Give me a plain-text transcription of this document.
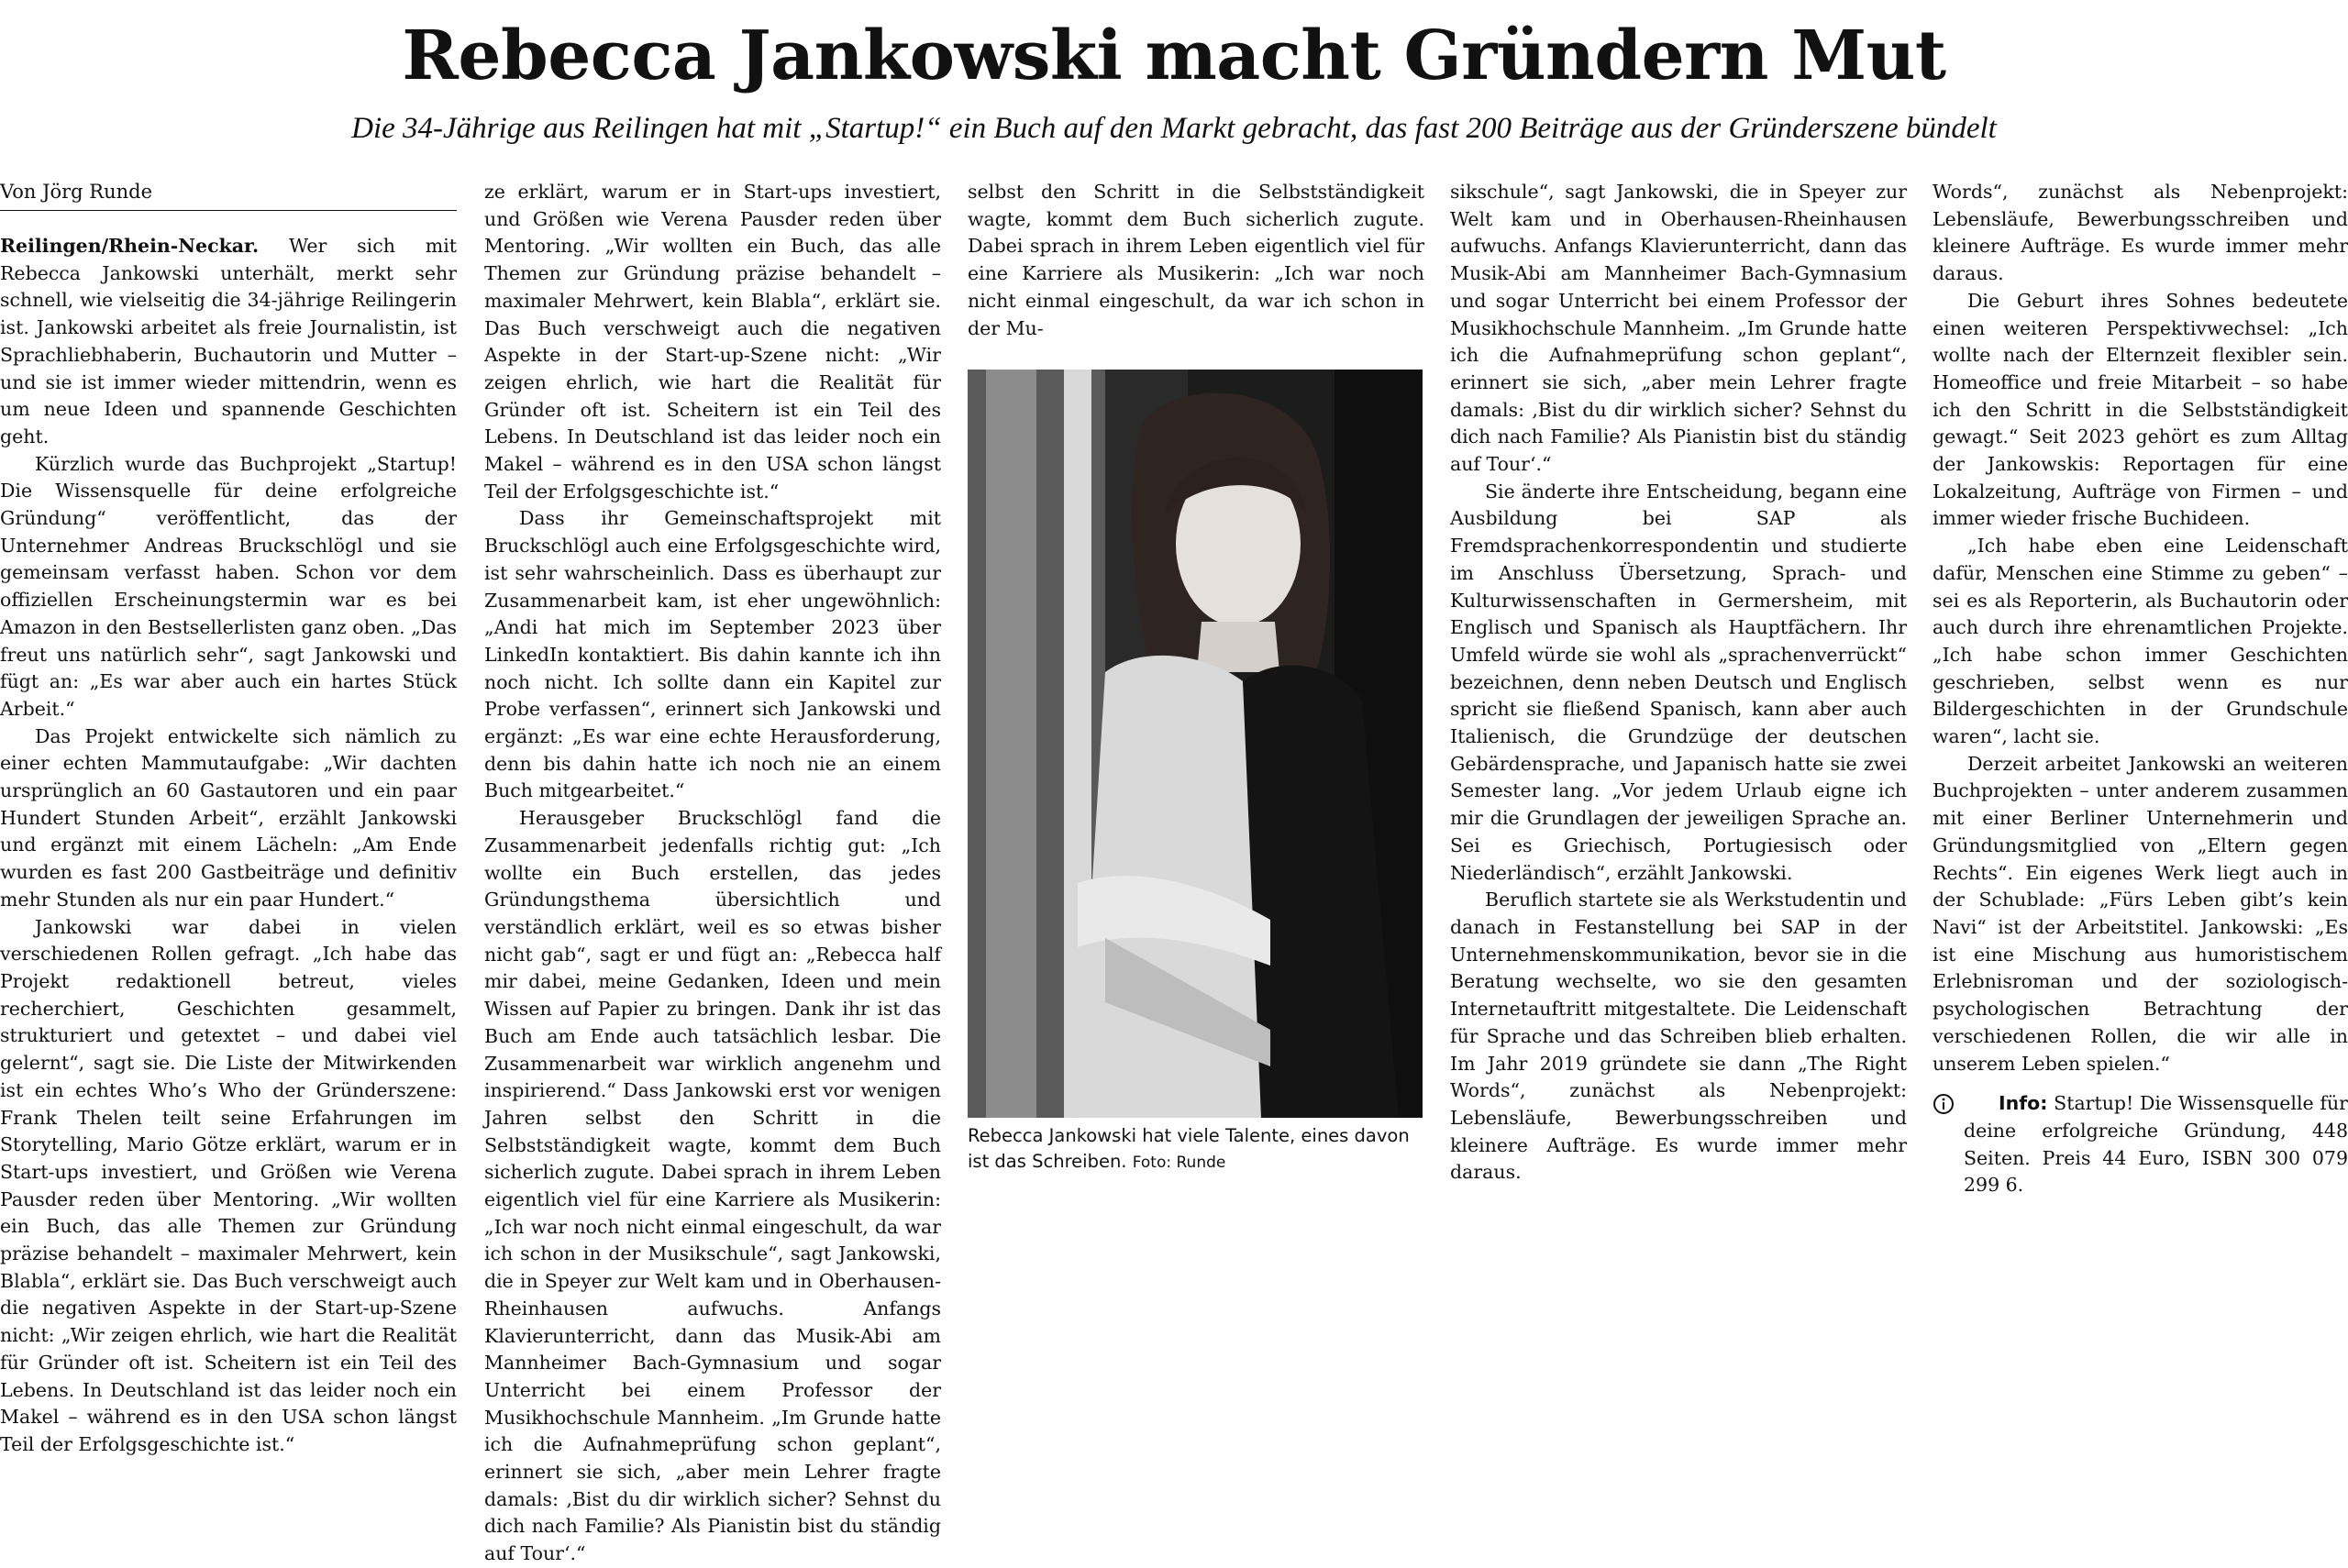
Rebecca Jankowski macht Gründern Mut
Die 34-Jährige aus Reilingen hat mit „Startup!“ ein Buch auf den Markt gebracht, das fast 200 Beiträge aus der Gründerszene bündelt
Von Jörg Runde

Reilingen/Rhein-Neckar. Wer sich mit Rebecca Jankowski unterhält, merkt sehr schnell, wie vielseitig die 34-jährige Reilingerin ist. Jankowski arbeitet als freie Journalistin, ist Sprachliebhaberin, Buchautorin und Mutter – und sie ist immer wieder mittendrin, wenn es um neue Ideen und spannende Geschichten geht.

Kürzlich wurde das Buchprojekt „Startup! Die Wissensquelle für deine erfolgreiche Gründung“ veröffentlicht, das der Unternehmer Andreas Bruckschlögl und sie gemeinsam verfasst haben. Schon vor dem offiziellen Erscheinungstermin war es bei Amazon in den Bestsellerlisten ganz oben. „Das freut uns natürlich sehr“, sagt Jankowski und fügt an: „Es war aber auch ein hartes Stück Arbeit.“

Das Projekt entwickelte sich nämlich zu einer echten Mammutaufgabe: „Wir dachten ursprünglich an 60 Gastautoren und ein paar Hundert Stunden Arbeit“, erzählt Jankowski und ergänzt mit einem Lächeln: „Am Ende wurden es fast 200 Gastbeiträge und definitiv mehr Stunden als nur ein paar Hundert.“

Jankowski war dabei in vielen verschiedenen Rollen gefragt. „Ich habe das Projekt redaktionell betreut, vieles recherchiert, Geschichten gesammelt, strukturiert und getextet – und dabei viel gelernt“, sagt sie. Die Liste der Mitwirkenden ist ein echtes Who’s Who der Gründerszene: Frank Thelen teilt seine Erfahrungen im Storytelling, Mario Götze erklärt, warum er in Start-ups investiert, und Größen wie Verena Pausder reden über Mentoring. „Wir wollten ein Buch, das alle Themen zur Gründung präzise behandelt – maximaler Mehrwert, kein Blabla“, erklärt sie. Das Buch verschweigt auch die negativen Aspekte in der Start-up-Szene nicht: „Wir zeigen ehrlich, wie hart die Realität für Gründer oft ist. Scheitern ist ein Teil des Lebens. In Deutschland ist das leider noch ein Makel – während es in den USA schon längst Teil der Erfolgsgeschichte ist.“

ze erklärt, warum er in Start-ups investiert, und Größen wie Verena Pausder reden über Mentoring. „Wir wollten ein Buch, das alle Themen zur Gründung präzise behandelt – maximaler Mehrwert, kein Blabla“, erklärt sie. Das Buch verschweigt auch die negativen Aspekte in der Start-up-Szene nicht: „Wir zeigen ehrlich, wie hart die Realität für Gründer oft ist. Scheitern ist ein Teil des Lebens. In Deutschland ist das leider noch ein Makel – während es in den USA schon längst Teil der Erfolgsgeschichte ist.“

Dass ihr Gemeinschaftsprojekt mit Bruckschlögl auch eine Erfolgsgeschichte wird, ist sehr wahrscheinlich. Dass es überhaupt zur Zusammenarbeit kam, ist eher ungewöhnlich: „Andi hat mich im September 2023 über LinkedIn kontaktiert. Bis dahin kannte ich ihn noch nicht. Ich sollte dann ein Kapitel zur Probe verfassen“, erinnert sich Jankowski und ergänzt: „Es war eine echte Herausforderung, denn bis dahin hatte ich noch nie an einem Buch mitgearbeitet.“

Herausgeber Bruckschlögl fand die Zusammenarbeit jedenfalls richtig gut: „Ich wollte ein Buch erstellen, das jedes Gründungsthema übersichtlich und verständlich erklärt, weil es so etwas bisher nicht gab“, sagt er und fügt an: „Rebecca half mir dabei, meine Gedanken, Ideen und mein Wissen auf Papier zu bringen. Dank ihr ist das Buch am Ende auch tatsächlich lesbar. Die Zusammenarbeit war wirklich angenehm und inspirierend.“ Dass Jankowski erst vor wenigen Jahren selbst den Schritt in die Selbstständigkeit wagte, kommt dem Buch sicherlich zugute. Dabei sprach in ihrem Leben eigentlich viel für eine Karriere als Musikerin: „Ich war noch nicht einmal eingeschult, da war ich schon in der Musikschule“, sagt Jankowski, die in Speyer zur Welt kam und in Oberhausen-Rheinhausen aufwuchs. Anfangs Klavierunterricht, dann das Musik-Abi am Mannheimer Bach-Gymnasium und sogar Unterricht bei einem Professor der Musikhochschule Mannheim. „Im Grunde hatte ich die Aufnahmeprüfung schon geplant“, erinnert sie sich, „aber mein Lehrer fragte damals: ‚Bist du dir wirklich sicher? Sehnst du dich nach Familie? Als Pianistin bist du ständig auf Tour‘.“

selbst den Schritt in die Selbstständigkeit wagte, kommt dem Buch sicherlich zugute. Dabei sprach in ihrem Leben eigentlich viel für eine Karriere als Musikerin: „Ich war noch nicht einmal eingeschult, da war ich schon in der Mu-

Rebecca Jankowski hat viele Talente, eines davon ist das Schreiben. Foto: Runde

sikschule“, sagt Jankowski, die in Speyer zur Welt kam und in Oberhausen-Rheinhausen aufwuchs. Anfangs Klavierunterricht, dann das Musik-Abi am Mannheimer Bach-Gymnasium und sogar Unterricht bei einem Professor der Musikhochschule Mannheim. „Im Grunde hatte ich die Aufnahmeprüfung schon geplant“, erinnert sie sich, „aber mein Lehrer fragte damals: ‚Bist du dir wirklich sicher? Sehnst du dich nach Familie? Als Pianistin bist du ständig auf Tour‘.“

Sie änderte ihre Entscheidung, begann eine Ausbildung bei SAP als Fremdsprachenkorrespondentin und studierte im Anschluss Übersetzung, Sprach- und Kulturwissenschaften in Germersheim, mit Englisch und Spanisch als Hauptfächern. Ihr Umfeld würde sie wohl als „sprachenverrückt“ bezeichnen, denn neben Deutsch und Englisch spricht sie fließend Spanisch, kann aber auch Italienisch, die Grundzüge der deutschen Gebärdensprache, und Japanisch hatte sie zwei Semester lang. „Vor jedem Urlaub eigne ich mir die Grundlagen der jeweiligen Sprache an. Sei es Griechisch, Portugiesisch oder Niederländisch“, erzählt Jankowski.

Beruflich startete sie als Werkstudentin und danach in Festanstellung bei SAP in der Unternehmenskommunikation, bevor sie in die Beratung wechselte, wo sie den gesamten Internetauftritt mitgestaltete. Die Leidenschaft für Sprache und das Schreiben blieb erhalten. Im Jahr 2019 gründete sie dann „The Right Words“, zunächst als Nebenprojekt: Lebensläufe, Bewerbungsschreiben und kleinere Aufträge. Es wurde immer mehr daraus.

Words“, zunächst als Nebenprojekt: Lebensläufe, Bewerbungsschreiben und kleinere Aufträge. Es wurde immer mehr daraus.

Die Geburt ihres Sohnes bedeutete einen weiteren Perspektivwechsel: „Ich wollte nach der Elternzeit flexibler sein. Homeoffice und freie Mitarbeit – so habe ich den Schritt in die Selbstständigkeit gewagt.“ Seit 2023 gehört es zum Alltag der Jankowskis: Reportagen für eine Lokalzeitung, Aufträge von Firmen – und immer wieder frische Buchideen.

„Ich habe eben eine Leidenschaft dafür, Menschen eine Stimme zu geben“ – sei es als Reporterin, als Buchautorin oder auch durch ihre ehrenamtlichen Projekte. „Ich habe schon immer Geschichten geschrieben, selbst wenn es nur Bildergeschichten in der Grundschule waren“, lacht sie.

Derzeit arbeitet Jankowski an weiteren Buchprojekten – unter anderem zusammen mit einer Berliner Unternehmerin und Gründungsmitglied von „Eltern gegen Rechts“. Ein eigenes Werk liegt auch in der Schublade: „Fürs Leben gibt’s kein Navi“ ist der Arbeitstitel. Jankowski: „Es ist eine Mischung aus humoristischem Erlebnisroman und der soziologisch-psychologischen Betrachtung der verschiedenen Rollen, die wir alle in unserem Leben spielen.“

Info: Startup! Die Wissensquelle für deine erfolgreiche Gründung, 448 Seiten. Preis 44 Euro, ISBN 300 079 299 6.
